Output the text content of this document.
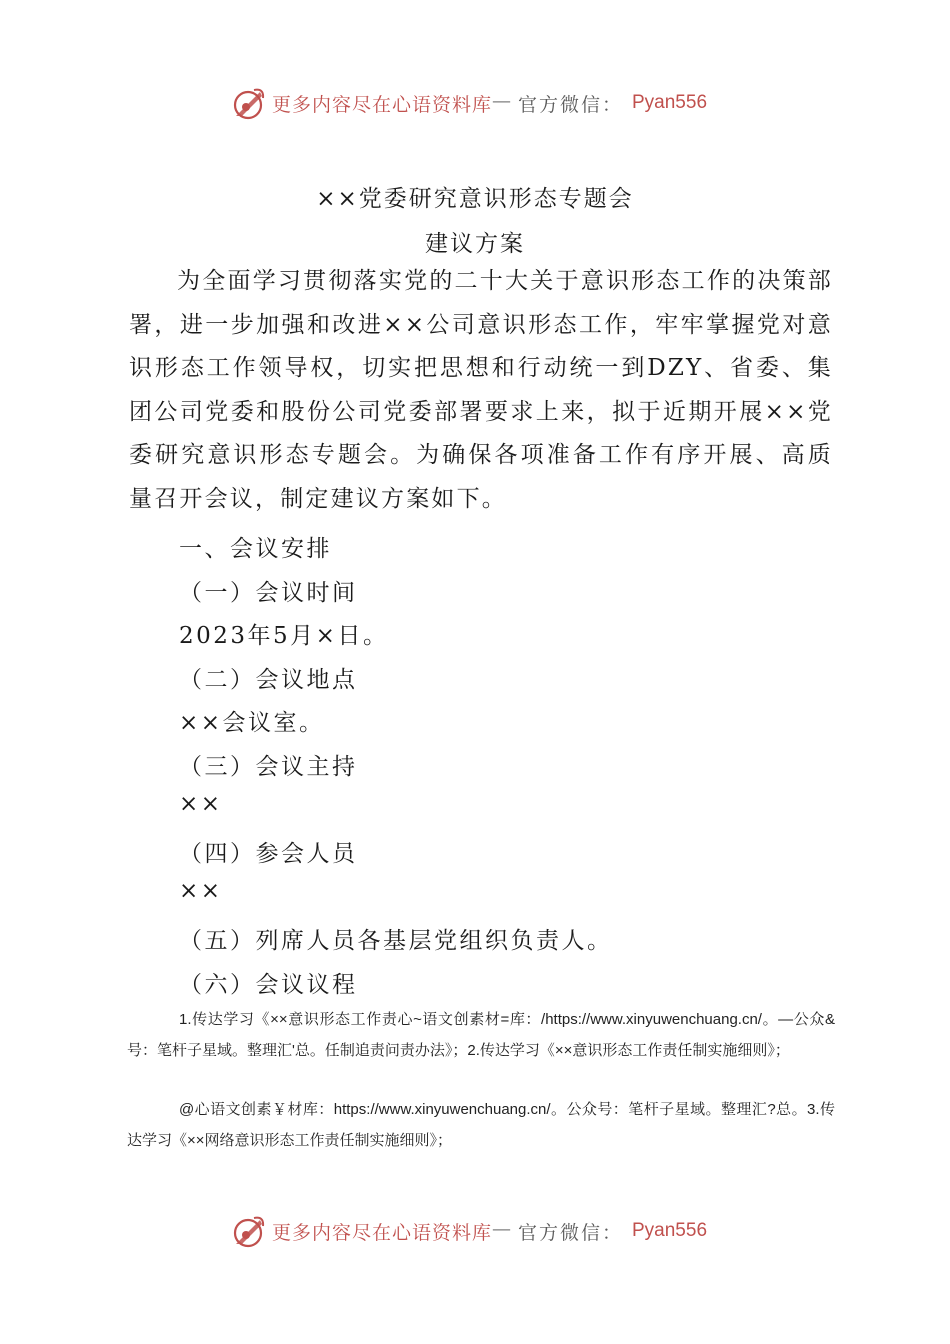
更多内容尽在心语资料库 — 官方微信： Pyan556
××党委研究意识形态专题会
建议方案

为全面学习贯彻落实党的二十大关于意识形态工作的决策部署，进一步加强和改进××公司意识形态工作，牢牢掌握党对意识形态工作领导权，切实把思想和行动统一到DZY、省委、集团公司党委和股份公司党委部署要求上来，拟于近期开展××党委研究意识形态专题会。为确保各项准备工作有序开展、高质量召开会议，制定建议方案如下。

一、会议安排
（一）会议时间
2023年5月×日。
（二）会议地点
××会议室。
（三）会议主持
××
（四）参会人员
××
（五）列席人员各基层党组织负责人。
（六）会议议程

1.传达学习《××意识形态工作责心~语文创素材=库：/https://www.xinyuwenchuang.cn/。—公众&号：笔杆子星域。整理汇'总。任制追责问责办法》；2.传达学习《××意识形态工作责任制实施细则》；

@心语文创素￥材库：https://www.xinyuwenchuang.cn/。公众号：笔杆子星域。整理汇?总。3.传达学习《××网络意识形态工作责任制实施细则》；

更多内容尽在心语资料库 — 官方微信： Pyan556
